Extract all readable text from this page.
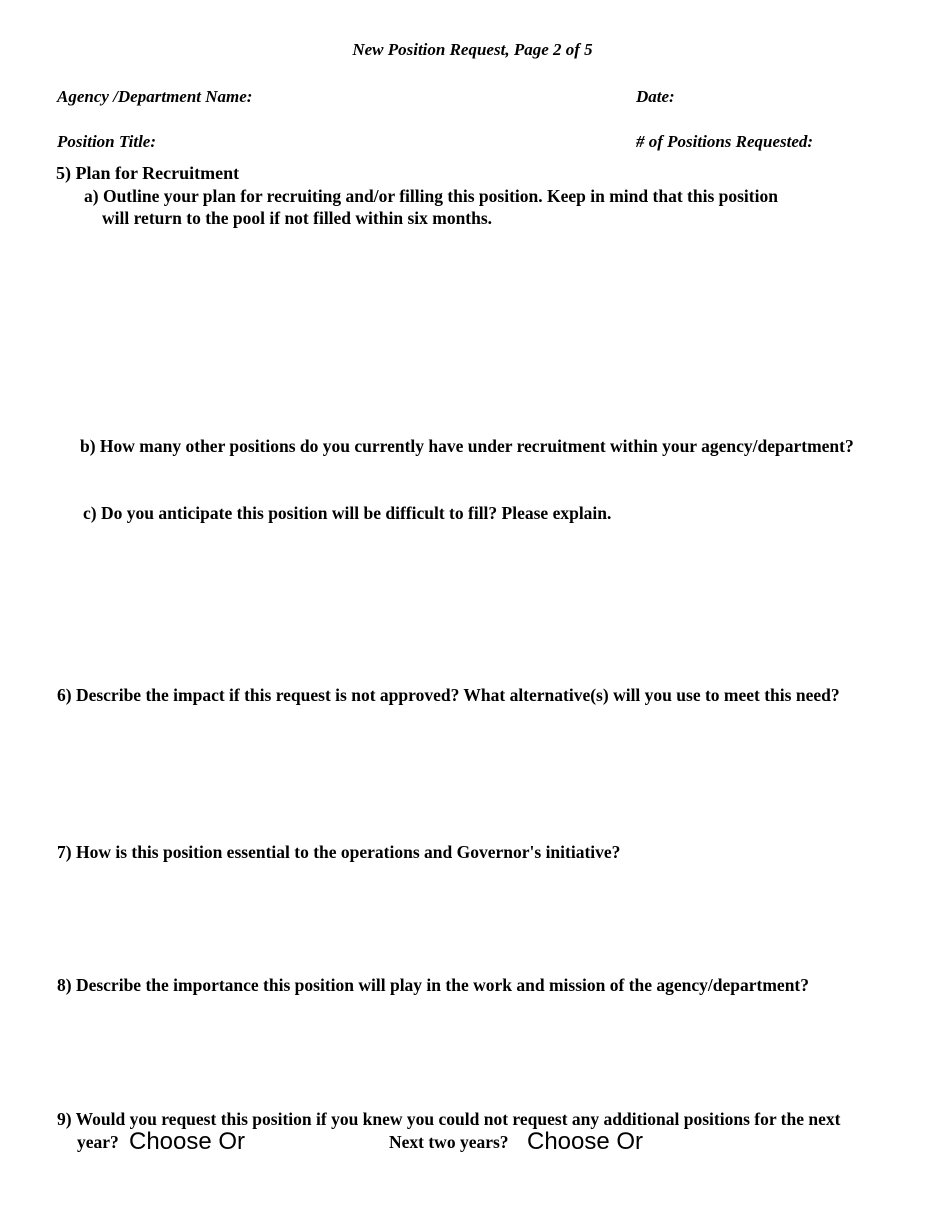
New Position Request, Page 2 of 5
Agency /Department Name:	Date:
Position Title:	# of Positions Requested:
5) Plan for Recruitment
a) Outline your plan for recruiting and/or filling this position. Keep in mind that this position
will return to the pool if not filled within six months.
b) How many other positions do you currently have under recruitment within your agency/department?
c) Do you anticipate this position will be difficult to fill? Please explain.
6) Describe the impact if this request is not approved? What alternative(s) will you use to meet this need?
7) How is this position essential to the operations and Governor's initiative?
8) Describe the importance this position will play in the work and mission of the agency/department?
9) Would you request this position if you knew you could not request any additional positions for the next
year? Choose Or	Next two years? Choose Or
